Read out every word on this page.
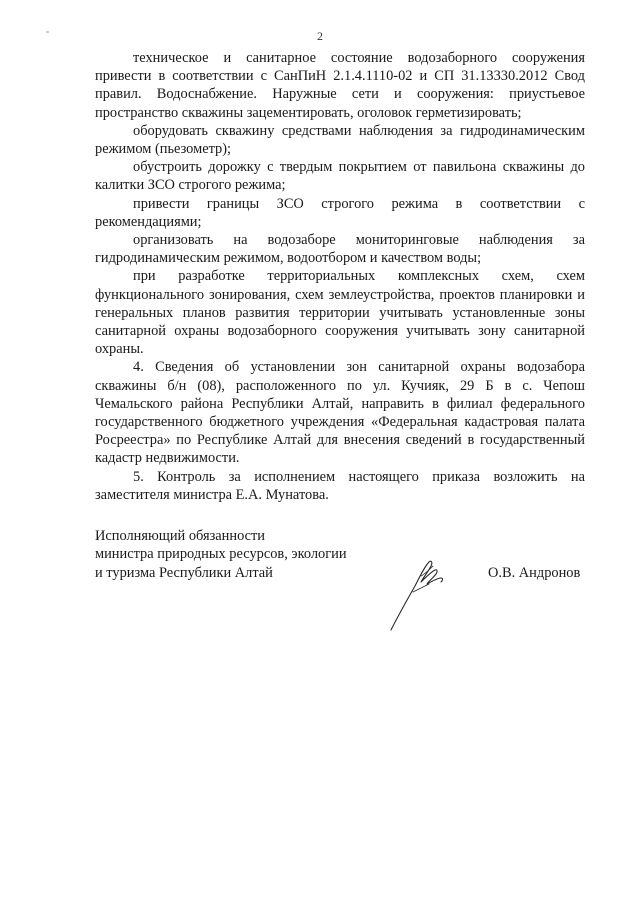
2

техническое и санитарное состояние водозаборного сооружения привести в соответствии с СанПиН 2.1.4.1110-02 и СП 31.13330.2012 Свод правил. Водоснабжение. Наружные сети и сооружения: приустьевое пространство скважины зацементировать, оголовок герметизировать;

оборудовать скважину средствами наблюдения за гидродинамическим режимом (пьезометр);

обустроить дорожку с твердым покрытием от павильона скважины до калитки ЗСО строгого режима;

привести границы ЗСО строгого режима в соответствии с рекомендациями;

организовать на водозаборе мониторинговые наблюдения за гидродинамическим режимом, водоотбором и качеством воды;

при разработке территориальных комплексных схем, схем функционального зонирования, схем землеустройства, проектов планировки и генеральных планов развития территории учитывать установленные зоны санитарной охраны водозаборного сооружения учитывать зону санитарной охраны.

4. Сведения об установлении зон санитарной охраны водозабора скважины б/н (08), расположенного по ул. Кучияк, 29 Б в с. Чепош Чемальского района Республики Алтай, направить в филиал федерального государственного бюджетного учреждения «Федеральная кадастровая палата Росреестра» по Республике Алтай для внесения сведений в государственный кадастр недвижимости.

5. Контроль за исполнением настоящего приказа возложить на заместителя министра Е.А. Мунатова.

Исполняющий обязанности
министра природных ресурсов, экологии
и туризма Республики Алтай	О.В. Андронов
